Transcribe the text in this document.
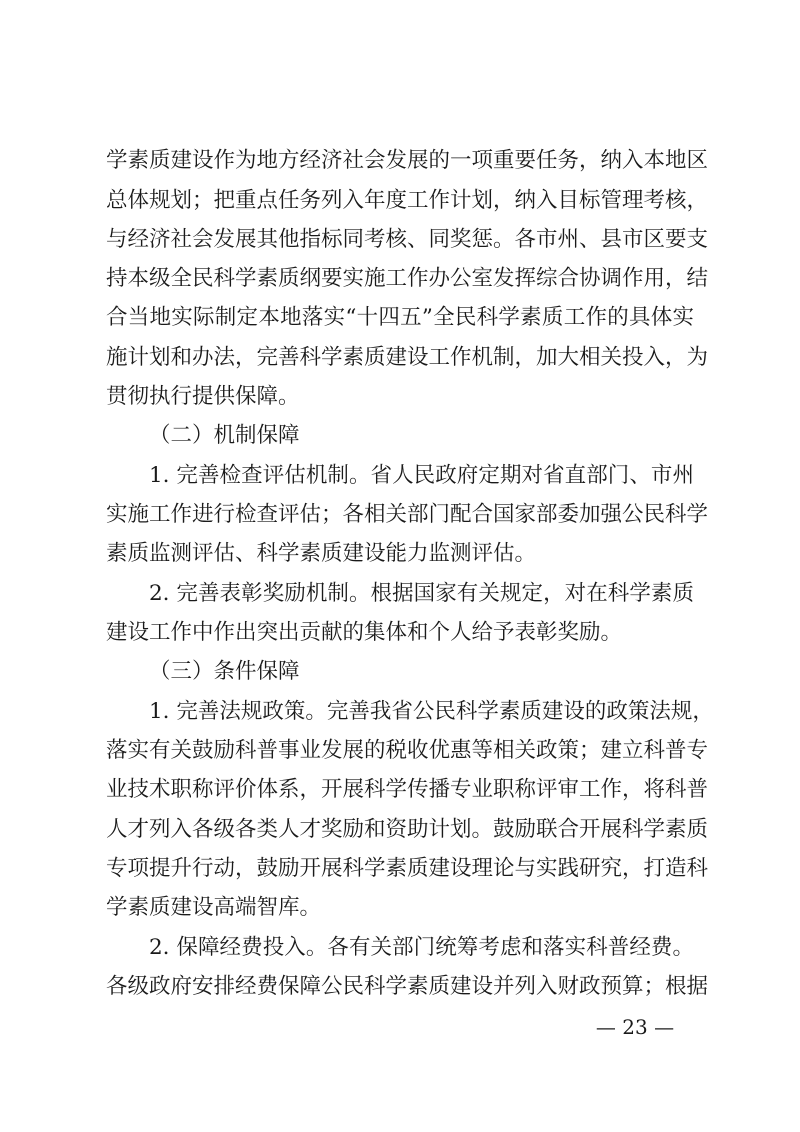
学素质建设作为地方经济社会发展的一项重要任务，纳入本地区
总体规划；把重点任务列入年度工作计划，纳入目标管理考核，
与经济社会发展其他指标同考核、同奖惩。各市州、县市区要支
持本级全民科学素质纲要实施工作办公室发挥综合协调作用，结
合当地实际制定本地落实“十四五”全民科学素质工作的具体实
施计划和办法，完善科学素质建设工作机制，加大相关投入，为
贯彻执行提供保障。
（二）机制保障
1. 完善检查评估机制。省人民政府定期对省直部门、市州
实施工作进行检查评估；各相关部门配合国家部委加强公民科学
素质监测评估、科学素质建设能力监测评估。
2. 完善表彰奖励机制。根据国家有关规定，对在科学素质
建设工作中作出突出贡献的集体和个人给予表彰奖励。
（三）条件保障
1. 完善法规政策。完善我省公民科学素质建设的政策法规，
落实有关鼓励科普事业发展的税收优惠等相关政策；建立科普专
业技术职称评价体系，开展科学传播专业职称评审工作，将科普
人才列入各级各类人才奖励和资助计划。鼓励联合开展科学素质
专项提升行动，鼓励开展科学素质建设理论与实践研究，打造科
学素质建设高端智库。
2. 保障经费投入。各有关部门统筹考虑和落实科普经费。
各级政府安排经费保障公民科学素质建设并列入财政预算；根据
— 23 —
